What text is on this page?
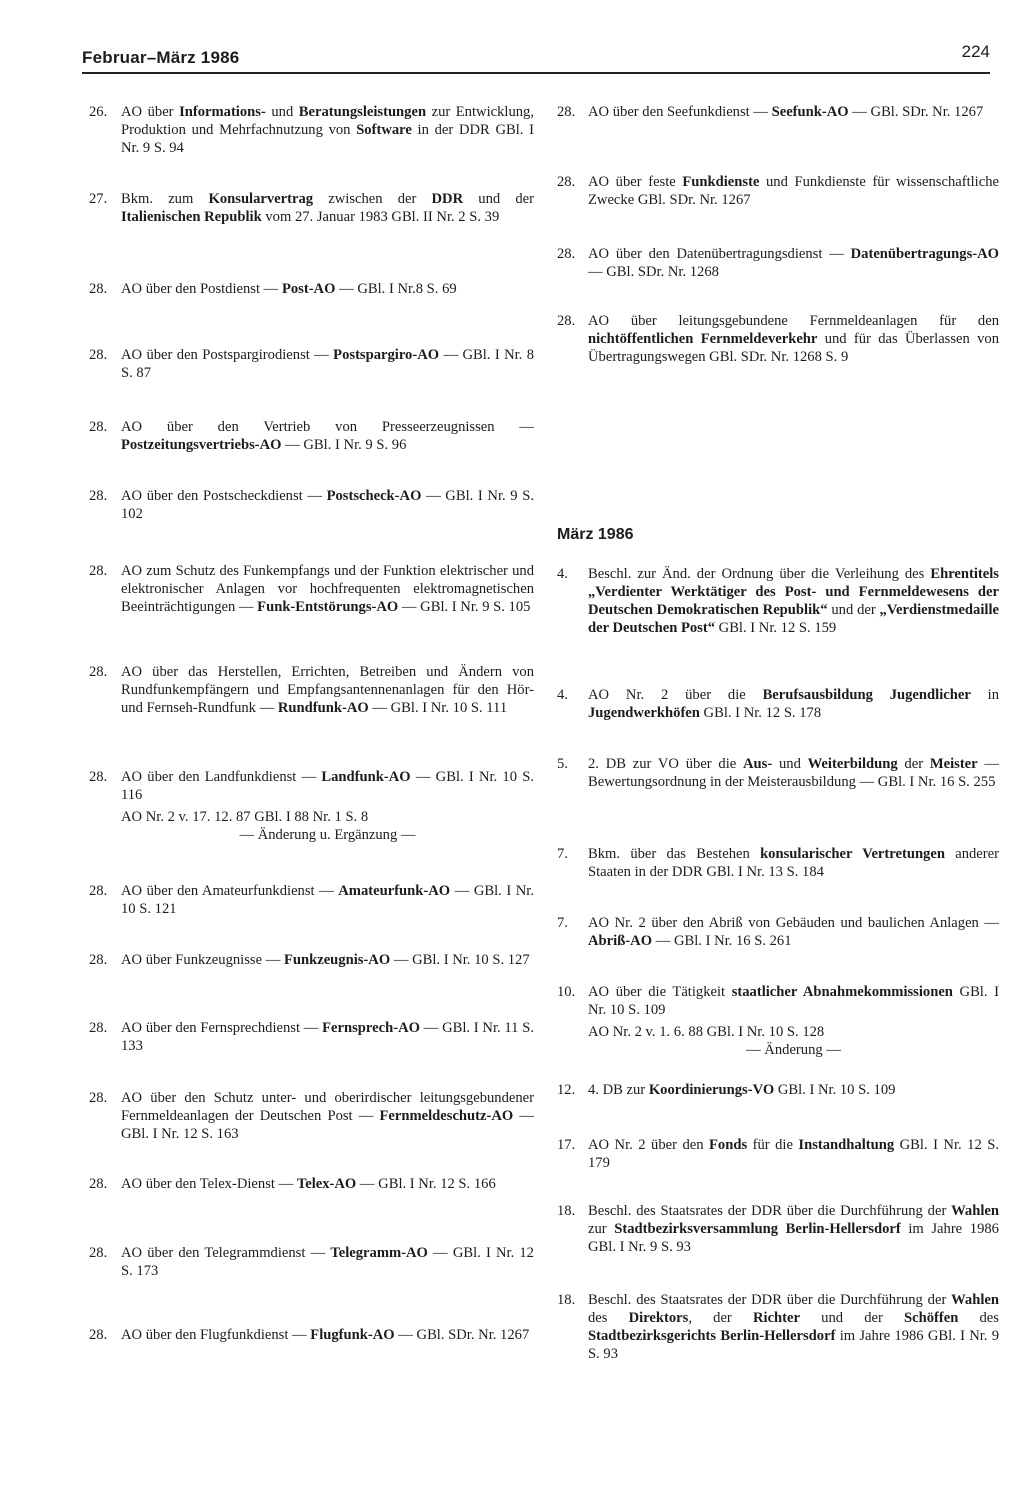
Februar–März 1986	224
26. AO über Informations- und Beratungsleistungen zur Entwicklung, Produktion und Mehrfachnutzung von Software in der DDR GBl. I Nr. 9 S. 94
27. Bkm. zum Konsularvertrag zwischen der DDR und der Italienischen Republik vom 27. Januar 1983 GBl. II Nr. 2 S. 39
28. AO über den Postdienst — Post-AO — GBl. I Nr.8 S. 69
28. AO über den Postspargirodienst — Postspargiro-AO — GBl. I Nr. 8 S. 87
28. AO über den Vertrieb von Presseerzeugnissen — Postzeitungsvertriebs-AO — GBl. I Nr. 9 S. 96
28. AO über den Postscheckdienst — Postscheck-AO — GBl. I Nr. 9 S. 102
28. AO zum Schutz des Funkempfangs und der Funktion elektrischer und elektronischer Anlagen vor hochfrequenten elektromagnetischen Beeinträchtigungen — Funk-Entstörungs-AO — GBl. I Nr. 9 S. 105
28. AO über das Herstellen, Errichten, Betreiben und Ändern von Rundfunkempfängern und Empfangsantennenanlagen für den Hör- und Fernseh-Rundfunk — Rundfunk-AO — GBl. I Nr. 10 S. 111
28. AO über den Landfunkdienst — Landfunk-AO — GBl. I Nr. 10 S. 116
AO Nr. 2 v. 17. 12. 87 GBl. I 88 Nr. 1 S. 8
— Änderung u. Ergänzung —
28. AO über den Amateurfunkdienst — Amateurfunk-AO — GBl. I Nr. 10 S. 121
28. AO über Funkzeugnisse — Funkzeugnis-AO — GBl. I Nr. 10 S. 127
28. AO über den Fernsprechdienst — Fernsprech-AO — GBl. I Nr. 11 S. 133
28. AO über den Schutz unter- und oberirdischer leitungsgebundener Fernmeldeanlagen der Deutschen Post — Fernmeldeschutz-AO — GBl. I Nr. 12 S. 163
28. AO über den Telex-Dienst — Telex-AO — GBl. I Nr. 12 S. 166
28. AO über den Telegrammdienst — Telegramm-AO — GBl. I Nr. 12 S. 173
28. AO über den Flugfunkdienst — Flugfunk-AO — GBl. SDr. Nr. 1267
28. AO über den Seefunkdienst — Seefunk-AO — GBl. SDr. Nr. 1267
28. AO über feste Funkdienste und Funkdienste für wissenschaftliche Zwecke GBl. SDr. Nr. 1267
28. AO über den Datenübertragungsdienst — Datenübertragungs-AO — GBl. SDr. Nr. 1268
28. AO über leitungsgebundene Fernmeldeanlagen für den nichtöffentlichen Fernmeldeverkehr und für das Überlassen von Übertragungswegen GBl. SDr. Nr. 1268 S. 9
4. Beschl. zur Änd. der Ordnung über die Verleihung des Ehrentitels „Verdienter Werktätiger des Post- und Fernmeldewesens der Deutschen Demokratischen Republik“ und der „Verdienstmedaille der Deutschen Post“ GBl. I Nr. 12 S. 159
4. AO Nr. 2 über die Berufsausbildung Jugendlicher in Jugendwerkhöfen GBl. I Nr. 12 S. 178
5. 2. DB zur VO über die Aus- und Weiterbildung der Meister — Bewertungsordnung in der Meisterausbildung — GBl. I Nr. 16 S. 255
7. Bkm. über das Bestehen konsularischer Vertretungen anderer Staaten in der DDR GBl. I Nr. 13 S. 184
7. AO Nr. 2 über den Abriß von Gebäuden und baulichen Anlagen — Abriß-AO — GBl. I Nr. 16 S. 261
10. AO über die Tätigkeit staatlicher Abnahmekommissionen GBl. I Nr. 10 S. 109
AO Nr. 2 v. 1. 6. 88 GBl. I Nr. 10 S. 128
— Änderung —
12. 4. DB zur Koordinierungs-VO GBl. I Nr. 10 S. 109
17. AO Nr. 2 über den Fonds für die Instandhaltung GBl. I Nr. 12 S. 179
18. Beschl. des Staatsrates der DDR über die Durchführung der Wahlen zur Stadtbezirksversammlung Berlin-Hellersdorf im Jahre 1986 GBl. I Nr. 9 S. 93
18. Beschl. des Staatsrates der DDR über die Durchführung der Wahlen des Direktors, der Richter und der Schöffen des Stadtbezirksgerichts Berlin-Hellersdorf im Jahre 1986 GBl. I Nr. 9 S. 93
März 1986
